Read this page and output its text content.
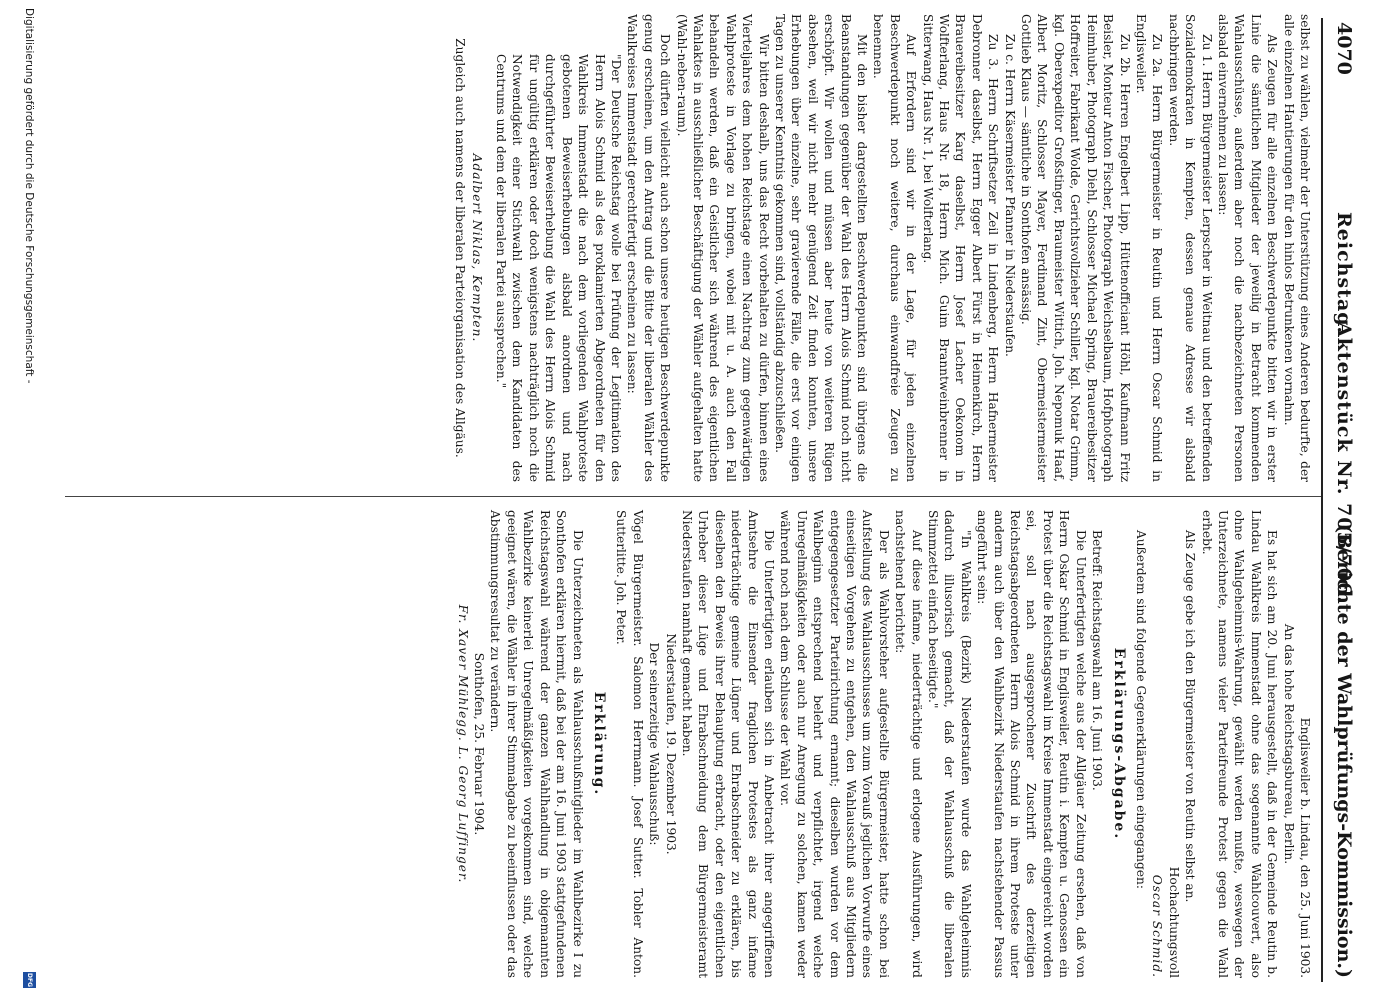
4070
Reichstag.
Aktenstück Nr. 705/706.
(Berichte der Wahlprüfungs-Kommission.)

selbst zu wählen, vielmehr der Unterstützung eines Anderen bedurfte, der alle einzelnen Hantierungen für den hinlos Betrunkenen vornahm.

Als Zeugen für alle einzelnen Beschwerdepunkte bitten wir in erster Linie die sämtlichen Mitglieder der jeweilig in Betracht kommenden Wahlausschüsse, außerdem aber noch die nachbezeichneten Personen alsbald einvernehmen zu lassen:

Zu 1. Herrn Bürgermeister Lerpscher in Weitnau und den betreffenden Sozialdemokraten in Kempten, dessen genaue Adresse wir alsbald nachbringen werden.

Zu 2a. Herrn Bürgermeister in Reutin und Herrn Oscar Schmid in Englisweiler.

Zu 2b. Herren Engelbert Lipp, Hüttenofficiant Höhl, Kaufmann Fritz Beisler, Monteur Anton Fischer, Photograph Weichselbaum, Hofphotograph Heimhuber, Photograph Diehl, Schlosser Michael Spring, Brauereibesitzer Hoffreiter, Fabrikant Wolde, Gerichtsvollzieher Schiller, kgl. Notar Grimm, kgl. Oberexpeditor Großstinger, Braumeister Wittich, Joh. Nepomuk Haaf, Albert Moritz, Schlosser Mayer, Ferdinand Zint, Obermeistermeister Gottlieb Klaus — sämtliche in Sonthofen ansässig.

Zu c. Herrn Käsermeister Pfanner in Niederstaufen.

Zu 3. Herrn Schriftsetzer Zeil in Lindenberg, Herrn Hafnermeister Debronner daselbst, Herrn Egger Albert Fürst in Heimenkirch, Herrn Brauereibesitzer Karg daselbst, Herrn Josef Lacher Oekonom in Wolfterlang, Haus Nr. 18, Herrn Mich. Guim Branntweinbrenner in Sitterwang, Haus Nr. 1, bei Wolfterlang.

Auf Erfordern sind wir in der Lage, für jeden einzelnen Beschwerdepunkt noch weitere, durchaus einwandfreie Zeugen zu benennen.

Mit den bisher dargestellten Beschwerdepunkten sind übrigens die Beanstandungen gegenüber der Wahl des Herrn Alois Schmid noch nicht erschöpft. Wir wollen und müssen aber heute von weiteren Rügen absehen, weil wir nicht mehr genügend Zeit finden konnten, unsere Erhebungen über einzelne, sehr gravierende Fälle, die erst vor einigen Tagen zu unserer Kenntnis gekommen sind, vollständig abzuschließen.

Wir bitten deshalb, uns das Recht vorbehalten zu dürfen, binnen eines Vierteljahres dem hohen Reichstage einen Nachtrag zum gegenwärtigen Wahlproteste in Vorlage zu bringen, wobei mit u. A. auch den Fall behandeln werden, daß ein Geistlicher sich während des eigentlichen Wahlaktes in ausschließlicher Beschäftigung der Wähler aufgehalten hatte (Wahl-neben-raum).

Doch dürften vielleicht auch schon unsere heutigen Beschwerdepunkte genug erscheinen, um den Antrag und die Bitte der liberalen Wähler des Wahlkreises Immenstadt gerechtfertigt erscheinen zu lassen:

"Der Deutsche Reichstag wolle bei Prüfung der Legitimation des Herrn Alois Schmid als des proklamierten Abgeordneten für den Wahlkreis Immenstadt die nach dem vorliegenden Wahlproteste gebotenen Beweiserhebungen alsbald anordnen und nach durchgeführter Beweiserhebung die Wahl des Herrn Alois Schmid für ungültig erklären oder doch wenigstens nachträglich noch die Notwendigkeit einer Stichwahl zwischen dem Kandidaten des Centrums und dem der liberalen Partei aussprechen."

Adalbert Niklas, Kempten.

Zugleich auch namens der liberalen Parteiorganisation des Allgäus.

Englisweiler b. Lindau, den 25. Juni 1903.

An das hohe Reichstagsbureau, Berlin.

Es hat sich am 20. Juni herausgestellt, daß in der Gemeinde Reutin b. Lindau Wahlkreis Immenstadt ohne das sogenannte Wahlcouvert, also ohne Wahlgeheimnis-Wahrung, gewählt werden mußte, weswegen der Unterzeichnete, namens vieler Parteifreunde Protest gegen die Wahl erhebt.

Als Zeuge gebe ich den Bürgermeister von Reutin selbst an.

Hochachtungsvoll

Oscar Schmid.

Außerdem sind folgende Gegenerklärungen eingegangen:

Erklärungs-Abgabe.

Betreff: Reichstagswahl am 16. Juni 1903.

Die Unterfertigten welche aus der Allgäuer Zeitung ersehen, daß von Herrn Oskar Schmid in Englisweiler, Reutin i. Kempten u. Genossen ein Protest über die Reichstagswahl im Kreise Immenstadt eingereicht worden sei, soll nach ausgesprochener Zuschrift des derzeitigen Reichstagsabgeordneten Herrn Alois Schmid in ihrem Proteste unter anderm auch über den Wahlbezirk Niederstaufen nachstehender Passus angeführt sein:

"In Wahlkreis (Bezirk) Niederstaufen wurde das Wahlgeheimnis dadurch illusorisch gemacht, daß der Wahlausschuß die liberalen Stimmzettel einfach beseitigte."

Auf diese infame, niederträchtige und erlogene Ausführungen, wird nachstehend berichtet:

Der als Wahlvorsteher aufgestellte Bürgermeister, hatte schon bei Aufstellung des Wahlausschusses um zum Vorauß jeglichen Vorwurfe eines einseitigen Vorgehens zu entgehen, den Wahlausschuß aus Mitgliedern entgegengesetzter Parteirichtung ernannt; dieselben wurden vor dem Wahlbeginn entsprechend belehrt und verpflichtet, irgend welche Unregelmäßigkeiten oder auch nur Anregung zu solchen, kamen weder während noch nach dem Schlusse der Wahl vor.

Die Unterfertigten erlauben sich in Anbetracht ihrer angegriffenen Amtsehre die Einsender fraglichen Protestes als ganz infame niederträchtige gemeine Lügner und Ehrabschneider zu erklären, bis dieselben den Beweis ihrer Behauptung erbracht, oder den eigentlichen Urheber dieser Lüge und Ehrabschneidung dem Bürgermeisteramt Niederstaufen namhaft gemacht haben.

Niederstaufen, 19. Dezember 1903.

Der seinerzeitige Wahlausschuß:

Vögel Bürgermeister. Salomon Herrmann. Josef Sutter. Tobler Anton. Sutterlitte. Joh. Peter.

Erklärung.

Die Unterzeichneten als Wahlausschußmitglieder im Wahlbezirke I zu Sonthofen erklären hiermit, daß bei der am 16. Juni 1903 stattgefundenen Reichstagswahl während der ganzen Wahlhandlung in obigemannten Wahlbezirke keinerlei Unregelmäßigkeiten vorgekommen sind, welche geeignet wären, die Wähler in ihrer Stimmabgabe zu beeinflussen oder das Abstimmungsresultat zu verändern.

Sonthofen, 25. Februar 1904.

Fr. Xaver Mühlegg. L. Georg Luffinger.

Digitalisierung gefördert durch die Deutsche Forschungsgemeinschaft -
DFG
